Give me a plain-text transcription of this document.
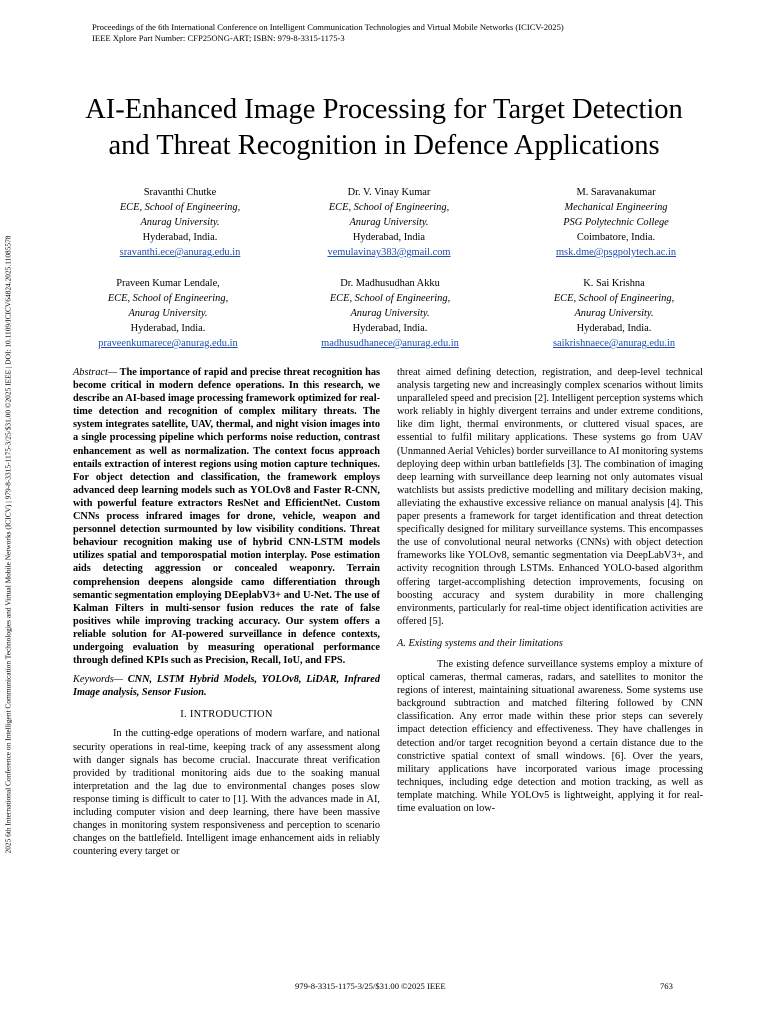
Proceedings of the 6th International Conference on Intelligent Communication Technologies and Virtual Mobile Networks (ICICV-2025)
IEEE Xplore Part Number: CFP25ONG-ART; ISBN: 979-8-3315-1175-3
2025 6th International Conference on Intelligent Communication Technologies and Virtual Mobile Networks (ICICV) | 979-8-3315-1175-3/25/$31.00 ©2025 IEEE | DOI: 10.1109/ICICV64824.2025.11085578
AI-Enhanced Image Processing for Target Detection
and Threat Recognition in Defence Applications
Sravanthi Chutke
ECE, School of Engineering,
Anurag University.
Hyderabad, India.
sravanthi.ece@anurag.edu.in
Dr. V. Vinay Kumar
ECE, School of Engineering,
Anurag University.
Hyderabad, India
vemulavinay383@gmail.com
M. Saravanakumar
Mechanical Engineering
PSG Polytechnic College
Coimbatore, India.
msk.dme@psgpolytech.ac.in
Praveen Kumar Lendale,
ECE, School of Engineering,
Anurag University.
Hyderabad, India.
praveenkumarece@anurag.edu.in
Dr. Madhusudhan Akku
ECE, School of Engineering,
Anurag University.
Hyderabad, India.
madhusudhanece@anurag.edu.in
K. Sai Krishna
ECE, School of Engineering,
Anurag University.
Hyderabad, India.
saikrishnaece@anurag.edu.in

Abstract— The importance of rapid and precise threat recognition has become critical in modern defence operations. In this research, we describe an AI-based image processing framework optimized for real-time detection and recognition of complex military threats. The system integrates satellite, UAV, thermal, and night vision images into a single processing pipeline which performs noise reduction, contrast enhancement as well as normalization. The context focus approach entails extraction of interest regions using motion capture techniques. For object detection and classification, the framework employs advanced deep learning models such as YOLOv8 and Faster R-CNN, with powerful feature extractors ResNet and EfficientNet. Custom CNNs process infrared images for drone, vehicle, weapon and personnel detection surmounted by low visibility conditions. Threat behaviour recognition making use of hybrid CNN-LSTM models utilizes spatial and temporospatial motion interplay. Pose estimation aids detecting aggression or concealed weaponry. Terrain comprehension deepens alongside camo differentiation through semantic segmentation employing DEeplabV3+ and U-Net. The use of Kalman Filters in multi-sensor fusion reduces the rate of false positives while improving tracking accuracy. Our system offers a reliable solution for AI-powered surveillance in defence contexts, undergoing evaluation by measuring operational performance through defined KPIs such as Precision, Recall, IoU, and FPS.

Keywords— CNN, LSTM Hybrid Models, YOLOv8, LiDAR, Infrared Image analysis, Sensor Fusion.

I. INTRODUCTION

In the cutting-edge operations of modern warfare, and national security operations in real-time, keeping track of any assessment along with danger signals has become crucial. Inaccurate threat verification provided by traditional monitoring aids due to the soaking manual interpretation and the lag due to environmental changes poses slow response timing is difficult to cater to [1]. With the advances made in AI, including computer vision and deep learning, there have been massive changes in monitoring system responsiveness and perception to scenario changes on the battlefield. Intelligent image enhancement aids in reliably countering every target or

threat aimed defining detection, registration, and deep-level technical analysis targeting new and increasingly complex scenarios without limits unparalleled speed and precision [2]. Intelligent perception systems which work reliably in highly divergent terrains and under extreme conditions, like dim light, thermal environments, or cluttered visual spaces, are essential to fulfil military applications. These systems go from UAV (Unmanned Aerial Vehicles) border surveillance to AI monitoring systems deploying deep within urban battlefields [3]. The combination of imaging deep learning with surveillance deep learning not only automates visual watchlists but assists predictive modelling and military decision making, alleviating the exhaustive excessive reliance on manual analysis [4]. This paper presents a framework for target identification and threat detection specifically designed for military surveillance systems. This encompasses the use of convolutional neural networks (CNNs) with object detection frameworks like YOLOv8, semantic segmentation via DeepLabV3+, and activity recognition through LSTMs. Enhanced YOLO-based algorithm offering target-accomplishing detection improvements, focusing on boosting accuracy and system durability in more challenging environments, particularly for real-time object identification activities are offered [5].

A. Existing systems and their limitations

The existing defence surveillance systems employ a mixture of optical cameras, thermal cameras, radars, and satellites to monitor the regions of interest, maintaining situational awareness. Some systems use background subtraction and matched filtering followed by CNN classification. Any error made within these prior steps can severely impact detection efficiency and effectiveness. They have challenges in detection and/or target recognition beyond a certain distance due to the constrictive spatial context of small windows. [6]. Over the years, military applications have incorporated various image processing techniques, including edge detection and motion tracking, as well as template matching. While YOLOv5 is lightweight, applying it for real-time evaluation on low-

979-8-3315-1175-3/25/$31.00 ©2025 IEEE	763
